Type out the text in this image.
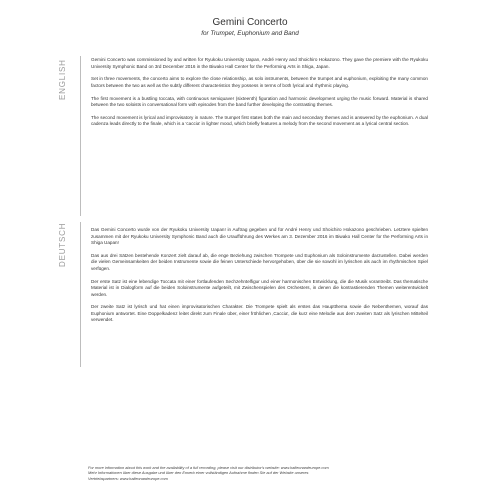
Gemini Concerto
for Trumpet, Euphonium and Band
ENGLISH	Gemini Concerto was commissioned by and written for Ryukoku University Uapan, André Henry and Shoichiro Hokazono. They gave the premiere with the Ryukoku University Symphonic Band on 3rd December 2016 in the Biwako Hall Center for the Performing Arts in Shiga, Japan.

Set in three movements, the concerto aims to explore the close relationship, as solo instruments, between the trumpet and euphonium, exploiting the many common factors between the two as well as the subtly different characteristics they possess in terms of both lyrical and rhythmic playing.

The first movement is a bustling toccata, with continuous semiquaver (sixteenth) figuration and harmonic development urging the music forward. Material is shared between the two soloists in conversational form with episodes from the band further developing the contrasting themes.

The second movement is lyrical and improvisatory in nature. The trumpet first states both the main and secondary themes and is answered by the euphonium. A dual cadenza leads directly to the finale, which is a 'caccia' in lighter mood, which briefly features a melody from the second movement as a lyrical central section.

DEUTSCH	Das Gemini Concerto wurde von der Ryukoku University Uapan! in Auftrag gegeben und für André Henry und Shoichiro Hokazono geschrieben. Letztere spielten zusammen mit der Ryukoku University Symphonic Band auch die Uraufführung des Werkes am 3. Dezember 2016 im Biwako Hall Center for the Performing Arts in Shiga Uapan!

Das aus drei Sätzen bestehende Konzert zielt darauf ab, die enge Beziehung zwischen Trompete und Euphonium als Soloinstrumente darzustellen. Dabei werden die vielen Gemeinsamkeiten der beiden Instrumente sowie die feinen Unterschiede hervorgehoben, über die sie sowohl im lyrischen als auch im rhythmischen Spiel verfügen.

Der erste Satz ist eine lebendige Toccata mit einer fortlaufenden Sechzehntelfigur und einer harmonischen Entwicklung, die die Musik vorantreibt. Das thematische Material ist in Dialogform auf die beiden Soloinstrumente aufgeteilt, mit Zwischenspielen des Orchesters, in denen die kontrastierenden Themen weiterentwickelt werden.

Der zweite Satz ist lyrisch und hat einen improvisatorischen Charakter. Die Trompete spielt als erstes das Hauptthema sowie die Nebenthemen, worauf das Euphonium antwortet. Eine Doppelkadenz leitet direkt zum Finale über, einer fröhlichen ‚Caccia', die kurz eine Melodie aus dem zweiten Satz als lyrischen Mittelteil verwendet.

For more information about this work and the availability of a full recording, please visit our distributor's website: www.halleonardeurope.com

Mehr Informationen über diese Ausgabe und über den Erwerb einer vollständigen Aufnahme finden Sie auf der Website unseres

Vertriebspartners: www.halleonardeurope.com
